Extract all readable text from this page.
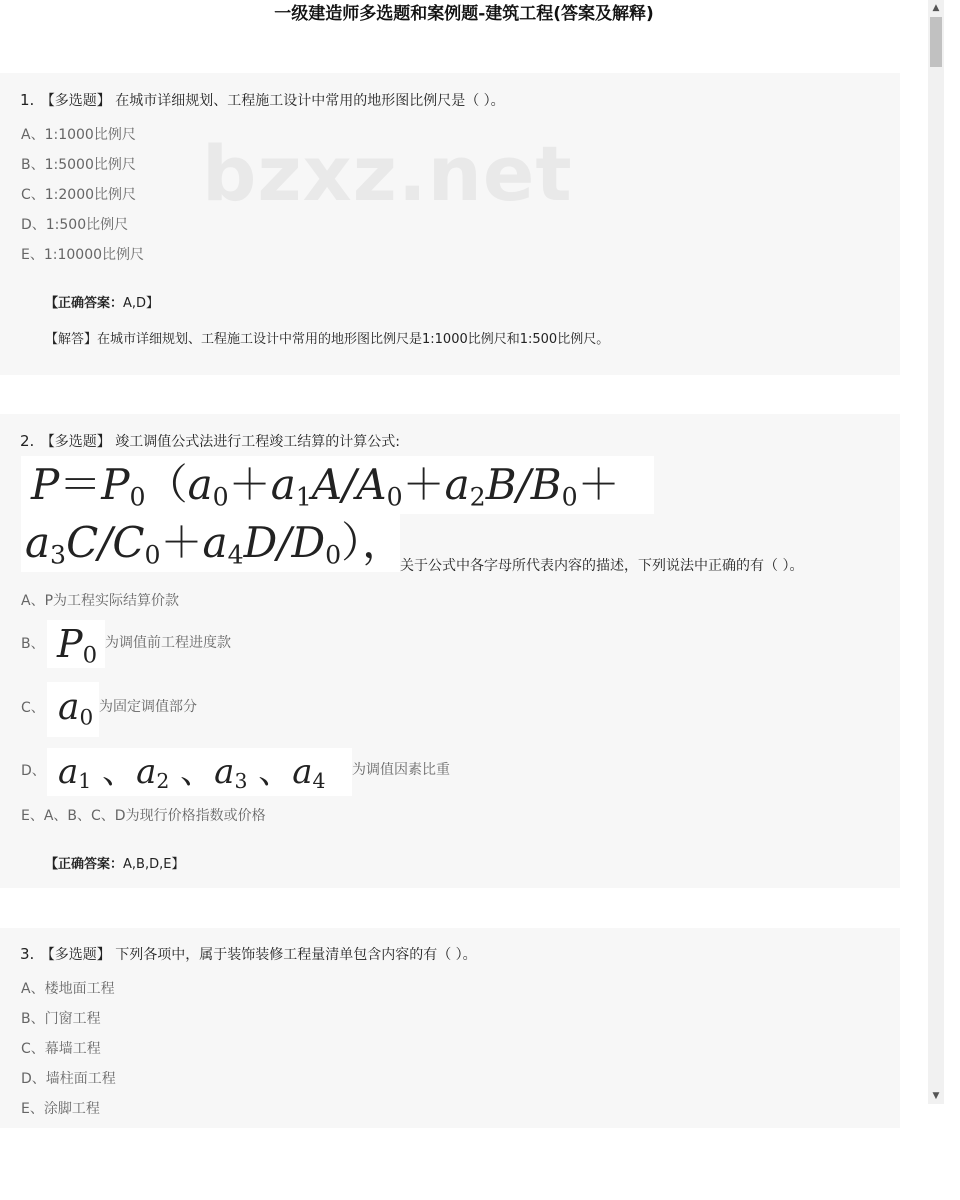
一级建造师多选题和案例题-建筑工程(答案及解释)
1. 【多选题】 在城市详细规划、工程施工设计中常用的地形图比例尺是（ ）。
A、1:1000比例尺
B、1:5000比例尺
C、1:2000比例尺
D、1:500比例尺
E、1:10000比例尺
【正确答案：A,D】
【解答】在城市详细规划、工程施工设计中常用的地形图比例尺是1:1000比例尺和1:500比例尺。
bzxz.net
2. 【多选题】 竣工调值公式法进行工程竣工结算的计算公式:
$P=P_0(a_0+a_1A/A_0+a_2B/B_0+$
$a_3C/C_0+a_4D/D_0$），
关于公式中各字母所代表内容的描述，下列说法中正确的有（ ）。
A、P为工程实际结算价款
B、 $P_0$ 为调值前工程进度款
C、 $a_0$ 为固定调值部分
D、 $a_1$ 、$a_2$ 、$a_3$ 、$a_4$ 为调值因素比重
E、A、B、C、D为现行价格指数或价格
【正确答案：A,B,D,E】
3. 【多选题】 下列各项中，属于装饰装修工程量清单包含内容的有（ ）。
A、楼地面工程
B、门窗工程
C、幕墙工程
D、墙柱面工程
E、涂脚工程
▲
▼
